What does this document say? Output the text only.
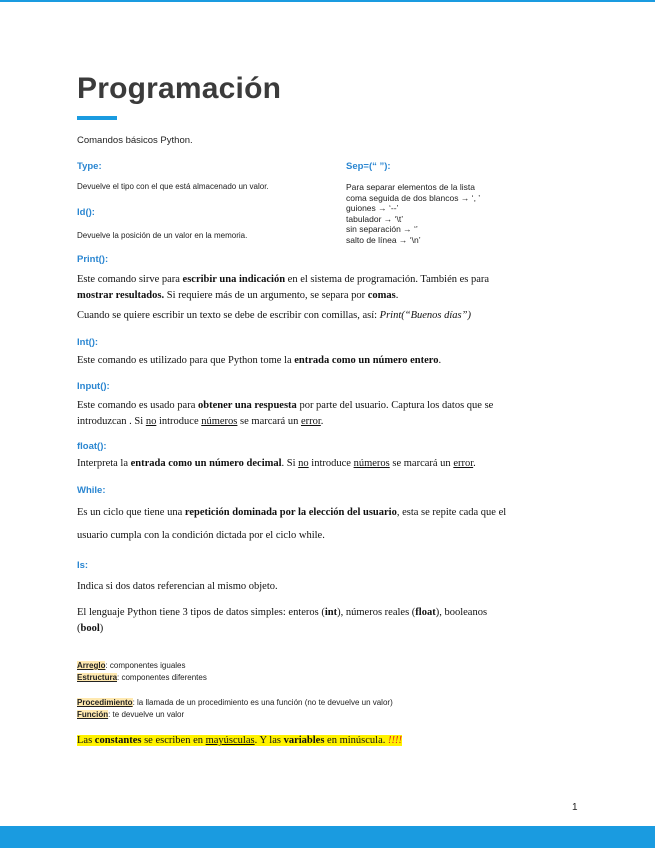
Programación
Comandos básicos Python.
Type:
Devuelve el tipo con el que está almacenado un valor.
Id():
Devuelve la posición de un valor en la memoria.
Sep=(“ ”):
Para separar elementos de la lista
coma seguida de dos blancos → ‘, ’
guiones → ‘--’
tabulador → ‘\t’
sin separación → ‘’
salto de línea → ‘\n’
Print():
Este comando sirve para escribir una indicación en el sistema de programación. También es para
mostrar resultados. Si requiere más de un argumento, se separa por comas.
Cuando se quiere escribir un texto se debe de escribir con comillas, así: Print(“Buenos días”)
Int():
Este comando es utilizado para que Python tome la entrada como un número entero.
Input():
Este comando es usado para obtener una respuesta por parte del usuario. Captura los datos que se
introduzcan . Si no introduce números se marcará un error.
float():
Interpreta la entrada como un número decimal. Si no introduce números se marcará un error.
While:
Es un ciclo que tiene una repetición dominada por la elección del usuario, esta se repite cada que el
usuario cumpla con la condición dictada por el ciclo while.
Is:
Indica si dos datos referencian al mismo objeto.
El lenguaje Python tiene 3 tipos de datos simples: enteros (int), números reales (float), booleanos
(bool)
Arreglo: componentes iguales
Estructura: componentes diferentes
Procedimiento: la llamada de un procedimiento es una función (no te devuelve un valor)
Función: te devuelve un valor
Las constantes se escriben en mayúsculas. Y las variables en minúscula. !!!!
1
